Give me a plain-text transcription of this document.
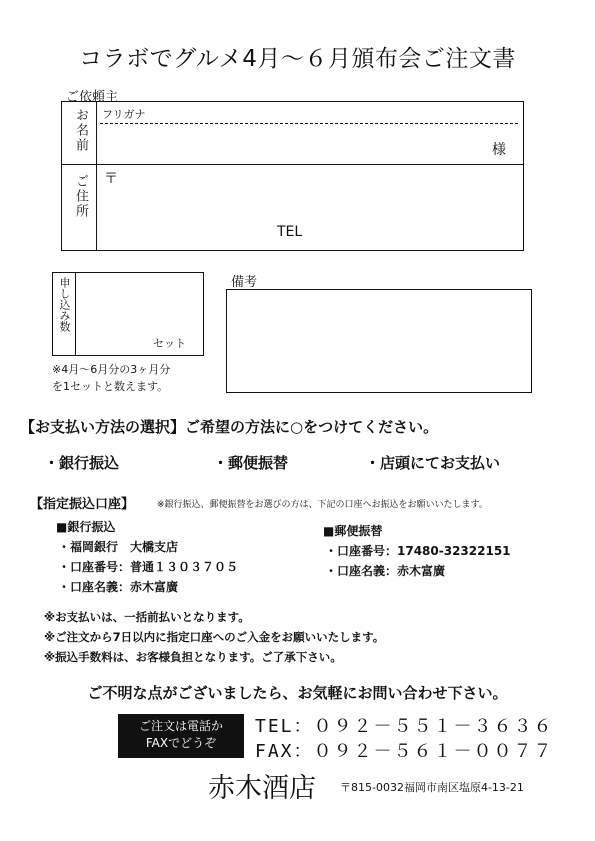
コラボでグルメ4月〜６月頒布会ご注文書
ご依頼主
お名前 フリガナ
様
ご住所 〒
TEL
申し込み数
セット
※4月〜6月分の3ヶ月分
を1セットと数えます。
備考
【お支払い方法の選択】ご希望の方法に○をつけてください。
・銀行振込	・郵便振替	・店頭にてお支払い
【指定振込口座】	※銀行振込、郵便振替をお選びの方は、下記の口座へお振込をお願いいたします。
■銀行振込
・福岡銀行　大橋支店
・口座番号：普通１３０３７０５
・口座名義：赤木富廣
■郵便振替
・口座番号：17480-32322151
・口座名義：赤木富廣
※お支払いは、一括前払いとなります。
※ご注文から7日以内に指定口座へのご入金をお願いいたします。
※振込手数料は、お客様負担となります。ご了承下さい。
ご不明な点がございましたら、お気軽にお問い合わせ下さい。
ご注文は電話か
FAXでどうぞ
TEL：０９２－５５１－３６３６
FAX：０９２－５６１－００７７
赤木酒店 〒815-0032福岡市南区塩原4-13-21
